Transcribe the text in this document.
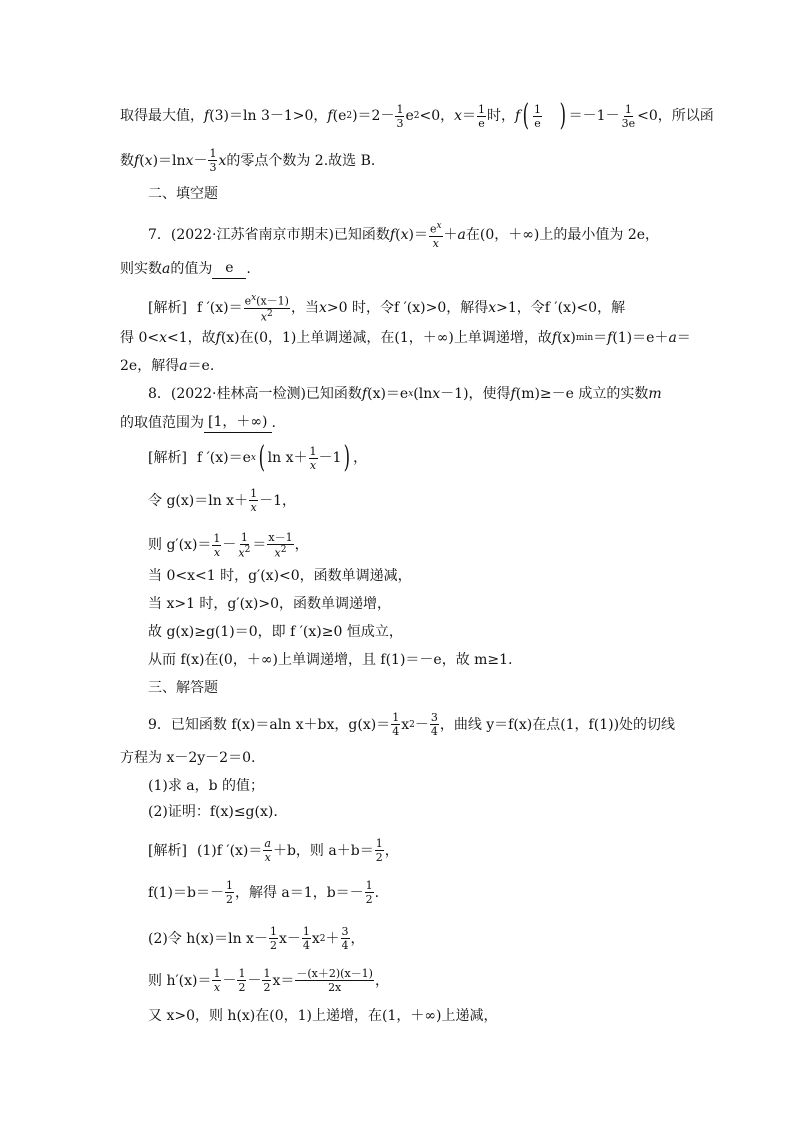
取得最大值， f (3)＝ln 3－1>0， f (e 2 )＝2－ 1
3 e 2 <0， x ＝ 1
e 时， f ( 1
e ) ＝－1－ 1
3e <0，所以函
数 f ( x )＝ln x － 1
3 x 的零点个数为 2.故选 B.
二、填空题
7．(2022·江苏省南京市期末)已知函数 f ( x )＝ $e^x$
x ＋ a 在(0，＋∞)上的最小值为 2e，
则实数 a 的值为 e .
[解析] f $'(x)= e^x(x-1)$
$x^2$ ，当 x >0 时，令 f ′(x)>0，解得 x >1，令 f ′(x)<0，解
得 0< x <1，故 f (x)在(0，1)上单调递减，在(1，＋∞)上单调递增，故 f (x) min ＝ f (1)＝e＋ a ＝
2e，解得 a ＝e.
8．(2022·桂林高一检测)已知函数 f (x)＝e x (ln x －1)，使得 f (m)≥－e 成立的实数 m
的取值范围为 [1，＋∞) .
[解析] f ′(x)＝e x ( ln x＋ 1
x －1 ) ，
令 g(x)＝ln x＋ 1
x －1，
则 g′(x)＝ 1
x － 1
$x^2 = x-1$
$x^2$ ，
当 0<x<1 时，g′(x)<0，函数单调递减，
当 x>1 时，g′(x)>0，函数单调递增，
故 g(x)≥g(1)＝0，即 f ′(x)≥0 恒成立，
从而 f(x)在(0，＋∞)上单调递增，且 f(1)＝－e，故 m≥1.
三、解答题
9．已知函数 f(x)＝aln x＋bx，g(x)＝ 1
4 x 2 － 3
4 ，曲线 y＝f(x)在点(1，f(1))处的切线
方程为 x－2y－2＝0.
(1)求 a，b 的值；
(2)证明：f(x)≤g(x).
[解析] (1)f ′(x)＝ a
x ＋b，则 a＋b＝ 1
2 ，
f(1)＝b＝－ 1
2 ，解得 a＝1，b＝－ 1
2 .
(2)令 h(x)＝ln x－ 1
2 x－ 1
4 x 2 ＋ 3
4 ，
则 h′(x)＝ 1
x － 1
2 － 1
2 x＝ －(x＋2)(x－1)
2x ，
又 x>0，则 h(x)在(0，1)上递增，在(1，＋∞)上递减，
